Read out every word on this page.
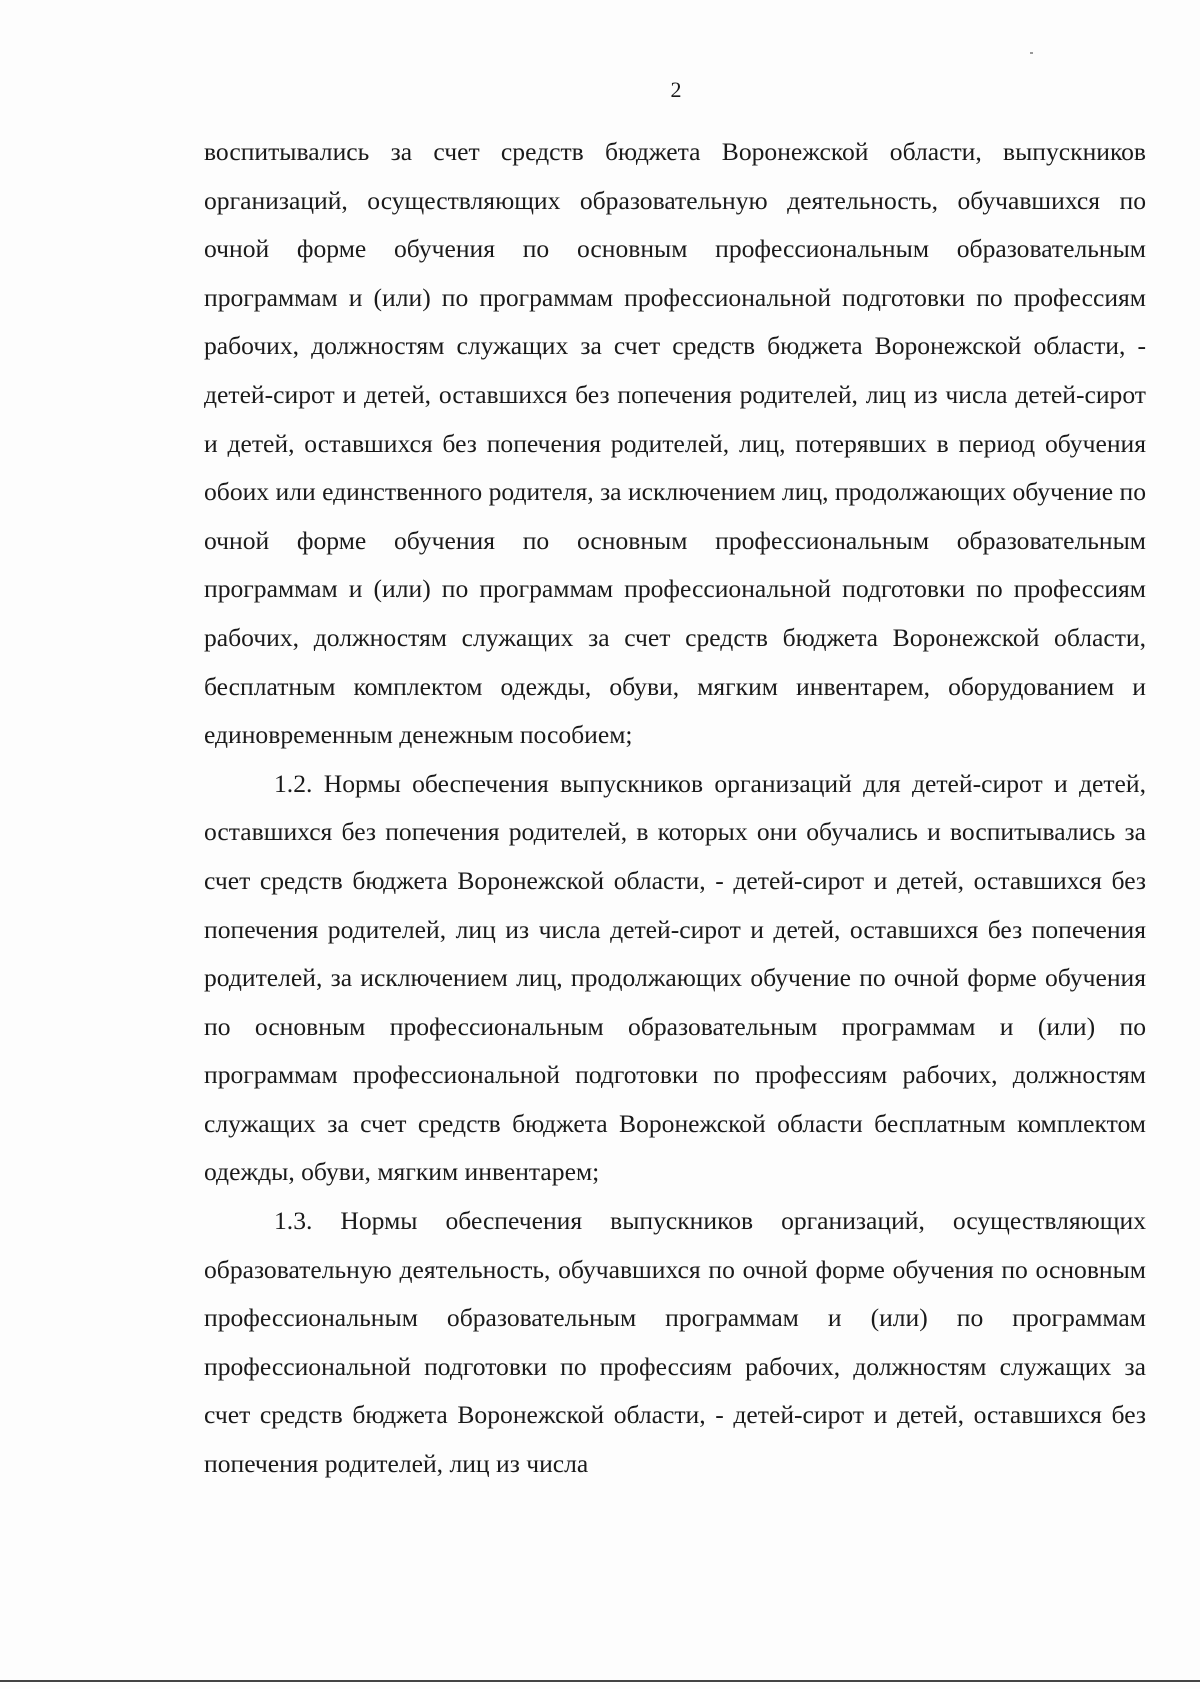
2

воспитывались за счет средств бюджета Воронежской области, выпускников организаций, осуществляющих образовательную деятельность, обучавшихся по очной форме обучения по основным профессиональным образовательным программам и (или) по программам профессиональной подготовки по профессиям рабочих, должностям служащих за счет средств бюджета Воронежской области, - детей-сирот и детей, оставшихся без попечения родителей, лиц из числа детей-сирот и детей, оставшихся без попечения родителей, лиц, потерявших в период обучения обоих или единственного родителя, за исключением лиц, продолжающих обучение по очной форме обучения по основным профессиональным образовательным программам и (или) по программам профессиональной подготовки по профессиям рабочих, должностям служащих за счет средств бюджета Воронежской области, бесплатным комплектом одежды, обуви, мягким инвентарем, оборудованием и единовременным денежным пособием;

1.2. Нормы обеспечения выпускников организаций для детей-сирот и детей, оставшихся без попечения родителей, в которых они обучались и воспитывались за счет средств бюджета Воронежской области, - детей-сирот и детей, оставшихся без попечения родителей, лиц из числа детей-сирот и детей, оставшихся без попечения родителей, за исключением лиц, продолжающих обучение по очной форме обучения по основным профессиональным образовательным программам и (или) по программам профессиональной подготовки по профессиям рабочих, должностям служащих за счет средств бюджета Воронежской области бесплатным комплектом одежды, обуви, мягким инвентарем;

1.3. Нормы обеспечения выпускников организаций, осуществляющих образовательную деятельность, обучавшихся по очной форме обучения по основным профессиональным образовательным программам и (или) по программам профессиональной подготовки по профессиям рабочих, должностям служащих за счет средств бюджета Воронежской области, - детей-сирот и детей, оставшихся без попечения родителей, лиц из числа
